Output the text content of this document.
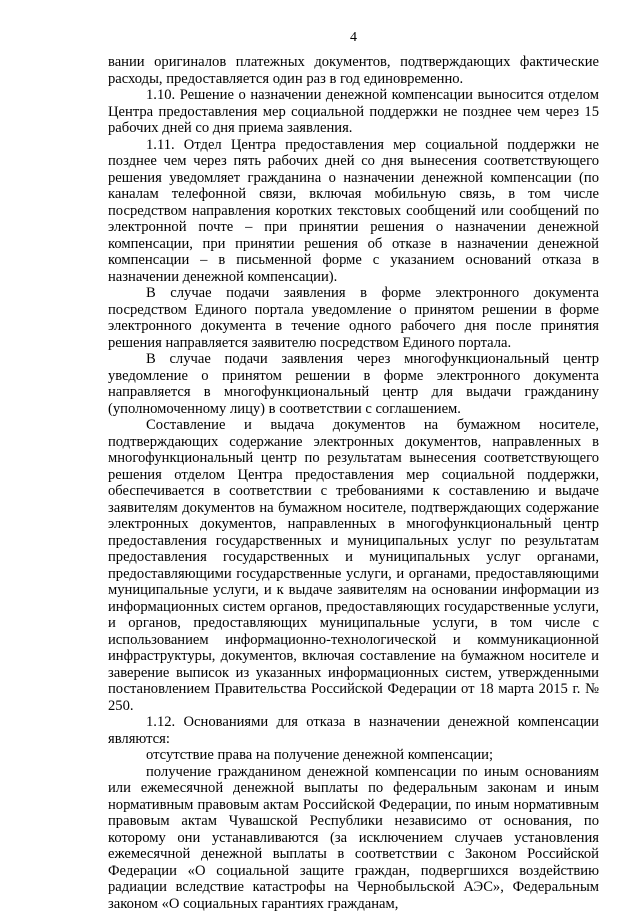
4

вании оригиналов платежных документов, подтверждающих фактические расходы, предоставляется один раз в год единовременно.

1.10. Решение о назначении денежной компенсации выносится отделом Центра предоставления мер социальной поддержки не позднее чем через 15 рабочих дней со дня приема заявления.

1.11. Отдел Центра предоставления мер социальной поддержки не позднее чем через пять рабочих дней со дня вынесения соответствующего решения уведомляет гражданина о назначении денежной компенсации (по каналам телефонной связи, включая мобильную связь, в том числе посредством направления коротких текстовых сообщений или сообщений по электронной почте – при принятии решения о назначении денежной компенсации, при принятии решения об отказе в назначении денежной компенсации – в письменной форме с указанием оснований отказа в назначении денежной компенсации).

В случае подачи заявления в форме электронного документа посредством Единого портала уведомление о принятом решении в форме электронного документа в течение одного рабочего дня после принятия решения направляется заявителю посредством Единого портала.

В случае подачи заявления через многофункциональный центр уведомление о принятом решении в форме электронного документа направляется в многофункциональный центр для выдачи гражданину (уполномоченному лицу) в соответствии с соглашением.

Составление и выдача документов на бумажном носителе, подтверждающих содержание электронных документов, направленных в многофункциональный центр по результатам вынесения соответствующего решения отделом Центра предоставления мер социальной поддержки, обеспечивается в соответствии с требованиями к составлению и выдаче заявителям документов на бумажном носителе, подтверждающих содержание электронных документов, направленных в многофункциональный центр предоставления государственных и муниципальных услуг по результатам предоставления государственных и муниципальных услуг органами, предоставляющими государственные услуги, и органами, предоставляющими муниципальные услуги, и к выдаче заявителям на основании информации из информационных систем органов, предоставляющих государственные услуги, и органов, предоставляющих муниципальные услуги, в том числе с использованием информационно-технологической и коммуникационной инфраструктуры, документов, включая составление на бумажном носителе и заверение выписок из указанных информационных систем, утвержденными постановлением Правительства Российской Федерации от 18 марта 2015 г. № 250.

1.12. Основаниями для отказа в назначении денежной компенсации являются:

отсутствие права на получение денежной компенсации;

получение гражданином денежной компенсации по иным основаниям или ежемесячной денежной выплаты по федеральным законам и иным нормативным правовым актам Российской Федерации, по иным нормативным правовым актам Чувашской Республики независимо от основания, по которому они устанавливаются (за исключением случаев установления ежемесячной денежной выплаты в соответствии с Законом Российской Федерации «О социальной защите граждан, подвергшихся воздействию радиации вследствие катастрофы на Чернобыльской АЭС», Федеральным законом «О социальных гарантиях гражданам,
